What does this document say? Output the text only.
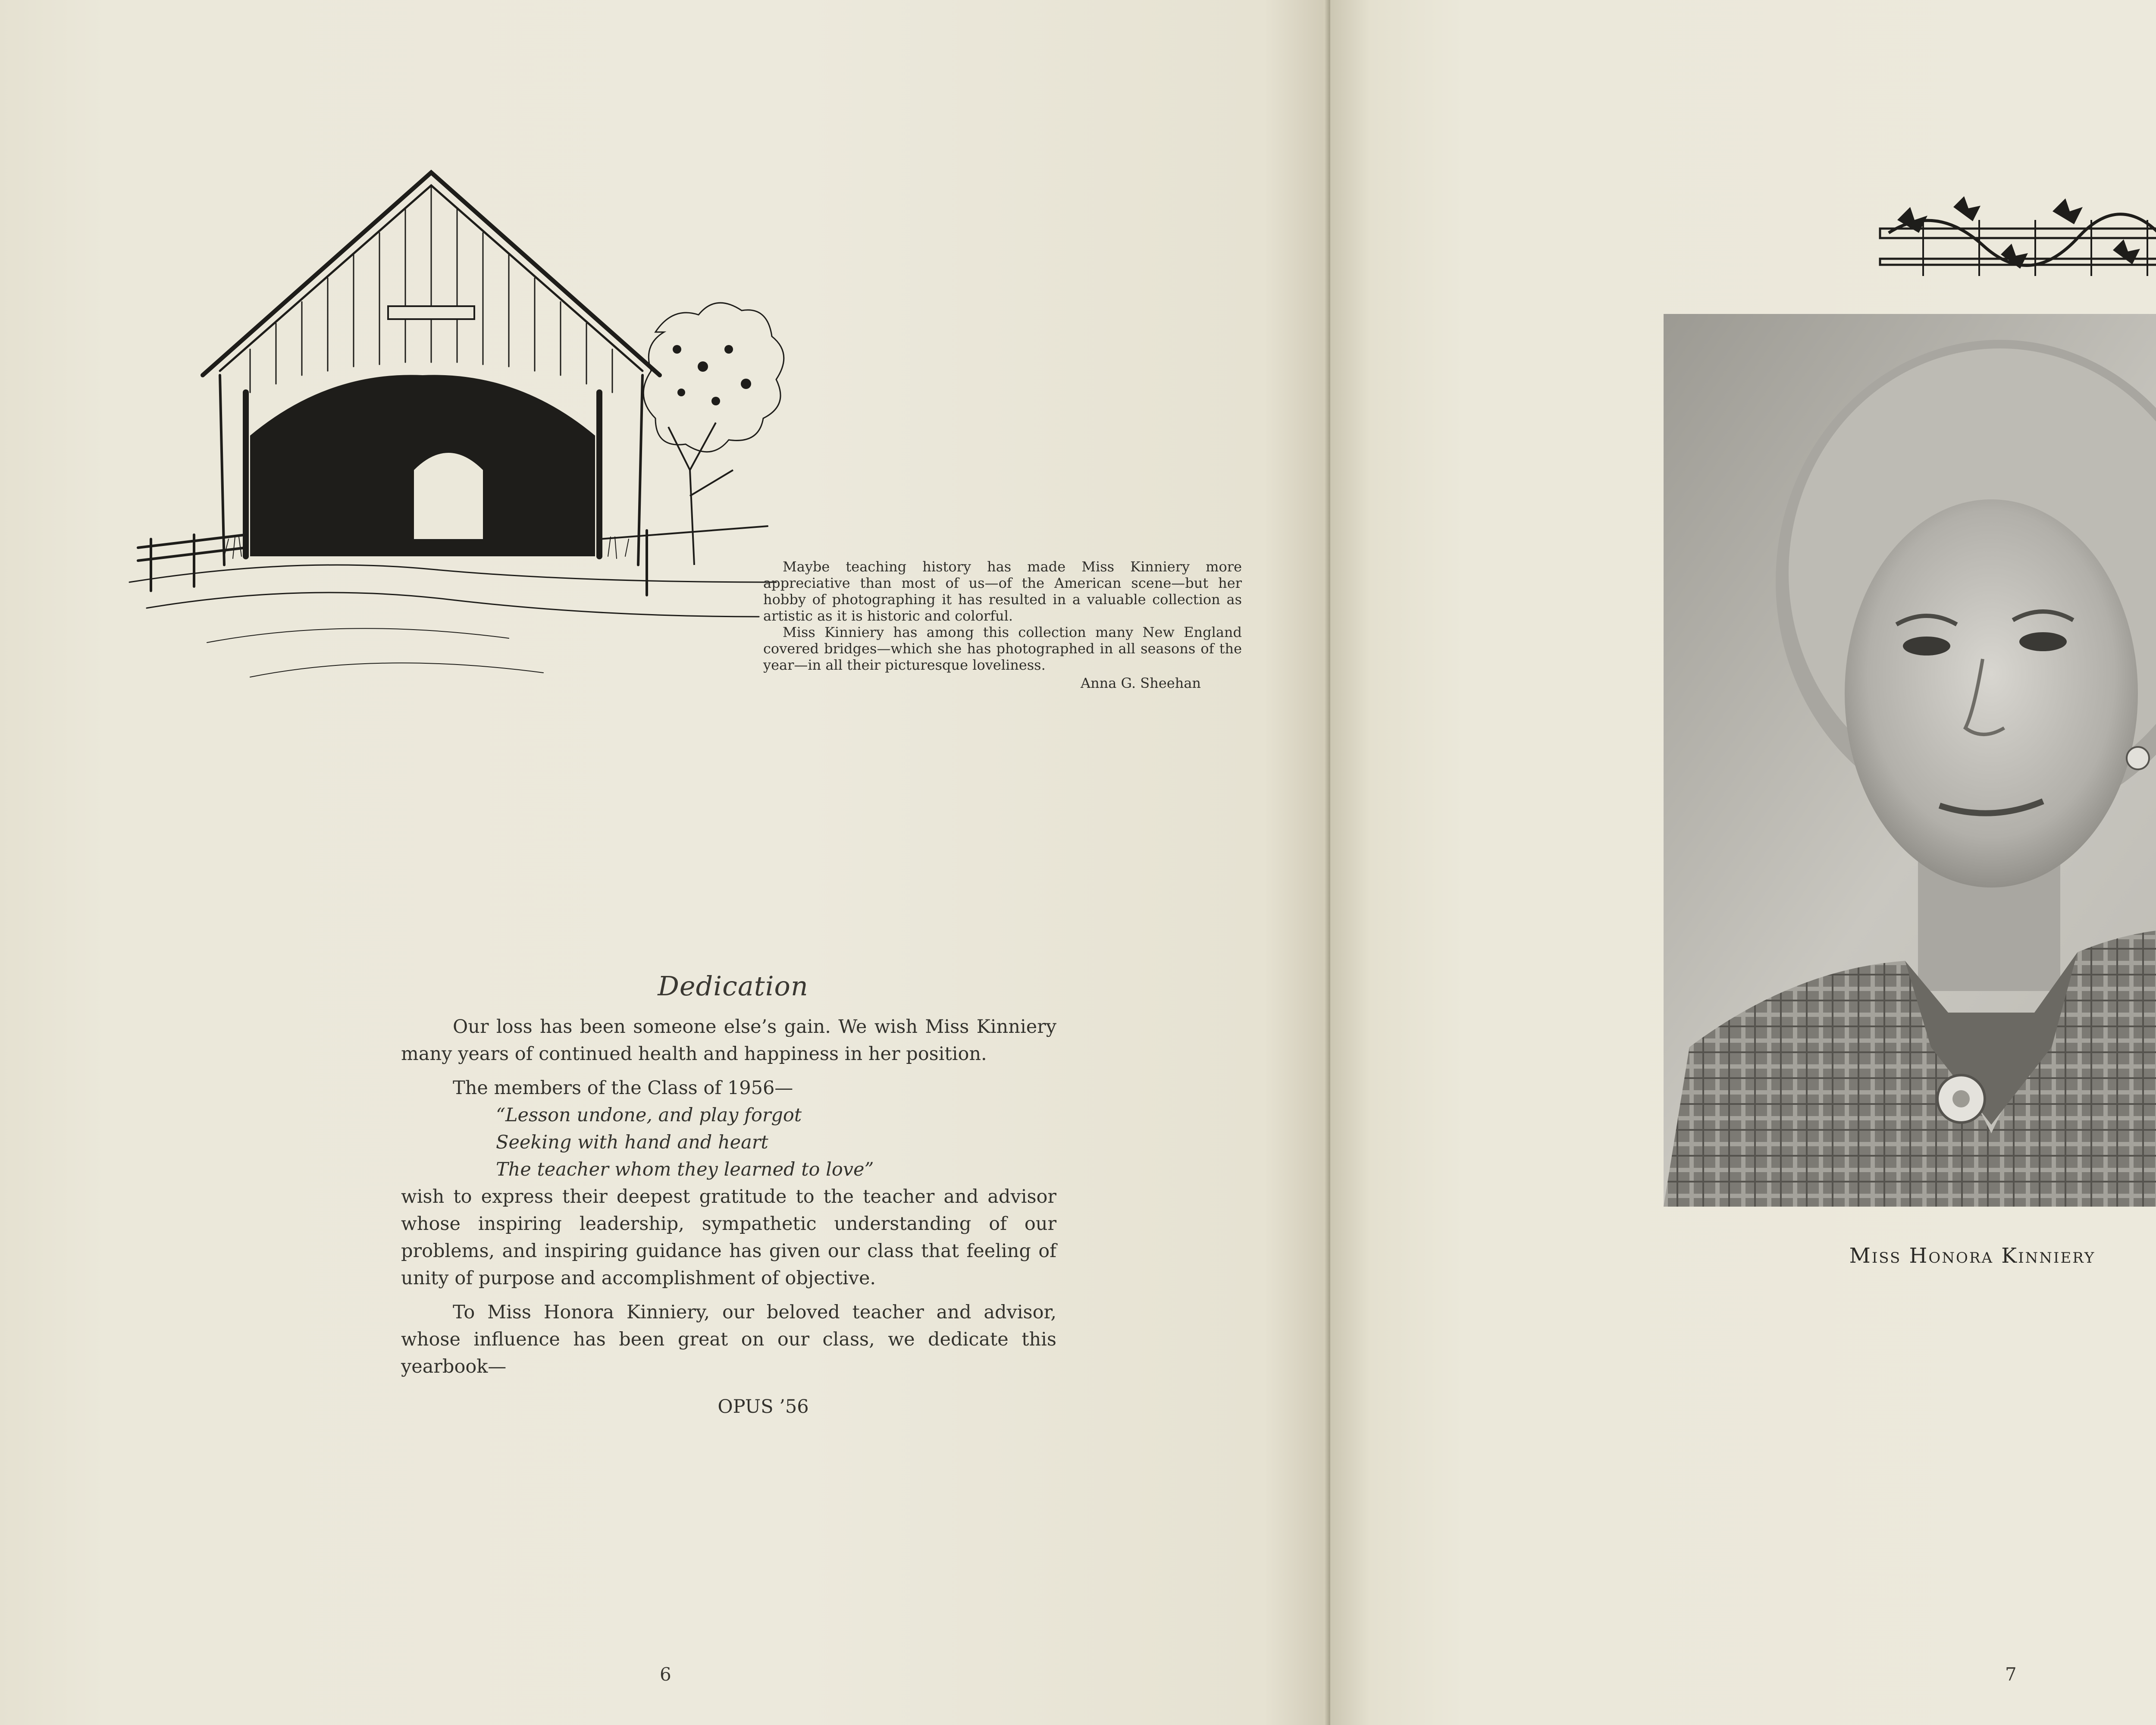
Maybe teaching history has made Miss Kinniery more appreciative than most of us—of the American scene—but her hobby of photographing it has resulted in a valuable collection as artistic as it is historic and colorful.

Miss Kinniery has among this collection many New England covered bridges—which she has photographed in all seasons of the year—in all their picturesque loveliness.

Anna G. Sheehan

Dedication

Our loss has been someone else’s gain. We wish Miss Kinniery many years of continued health and happiness in her position.

The members of the Class of 1956—

“Lesson undone, and play forgot

Seeking with hand and heart

The teacher whom they learned to love”

wish to express their deepest gratitude to the teacher and advisor whose inspiring leadership, sympathetic understanding of our problems, and inspiring guidance has given our class that feeling of unity of purpose and accomplishment of objective.

To Miss Honora Kinniery, our beloved teacher and advisor, whose influence has been great on our class, we dedicate this yearbook—

OPUS ’56

6
Miss Honora Kinniery
7
